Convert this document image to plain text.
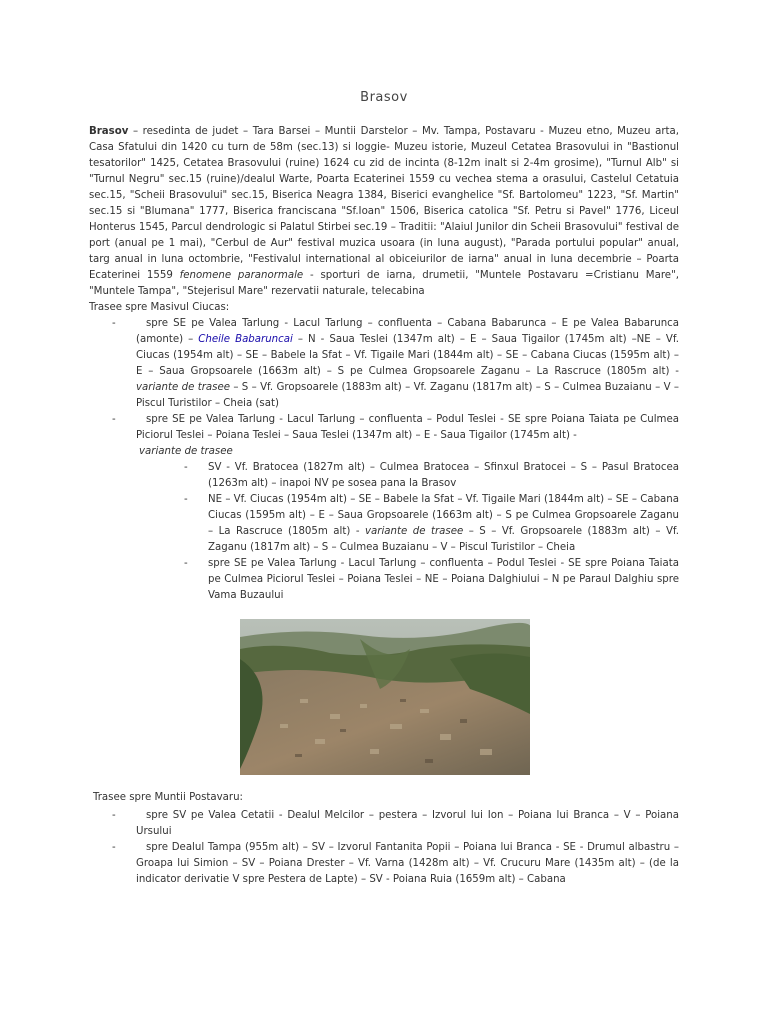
Brasov

Brasov – resedinta de judet – Tara Barsei – Muntii Darstelor – Mv. Tampa, Postavaru - Muzeu etno, Muzeu arta, Casa Sfatului din 1420 cu turn de 58m (sec.13) si loggie- Muzeu istorie, Muzeul Cetatea Brasovului in "Bastionul tesatorilor" 1425, Cetatea Brasovului (ruine) 1624 cu zid de incinta (8-12m inalt si 2-4m grosime), "Turnul Alb" si "Turnul Negru" sec.15 (ruine)/dealul Warte, Poarta Ecaterinei 1559 cu vechea stema a orasului, Castelul Cetatuia sec.15, "Scheii Brasovului" sec.15, Biserica Neagra 1384, Biserici evanghelice "Sf. Bartolomeu" 1223, "Sf. Martin" sec.15 si "Blumana" 1777, Biserica franciscana "Sf.Ioan" 1506, Biserica catolica "Sf. Petru si Pavel" 1776, Liceul Honterus 1545, Parcul dendrologic si Palatul Stirbei sec.19 – Traditii: "Alaiul Junilor din Scheii Brasovului" festival de port (anual pe 1 mai), "Cerbul de Aur" festival muzica usoara (in luna august), "Parada portului popular" anual, targ anual in luna octombrie, "Festivalul international al obiceiurilor de iarna" anual in luna decembrie – Poarta Ecaterinei 1559 fenomene paranormale - sporturi de iarna, drumetii, "Muntele Postavaru =Cristianu Mare", "Muntele Tampa", "Stejerisul Mare" rezervatii naturale, telecabina

Trasee spre Masivul Ciucas:

- spre SE pe Valea Tarlung - Lacul Tarlung – confluenta – Cabana Babarunca – E pe Valea Babarunca (amonte) – Cheile Babaruncai – N - Saua Teslei (1347m alt) – E – Saua Tigailor (1745m alt) –NE – Vf. Ciucas (1954m alt) – SE – Babele la Sfat – Vf. Tigaile Mari (1844m alt) – SE – Cabana Ciucas (1595m alt) – E – Saua Gropsoarele (1663m alt) – S pe Culmea Gropsoarele Zaganu – La Rascruce (1805m alt) - variante de trasee – S – Vf. Gropsoarele (1883m alt) – Vf. Zaganu (1817m alt) – S – Culmea Buzaianu – V – Piscul Turistilor – Cheia (sat)
- spre SE pe Valea Tarlung - Lacul Tarlung – confluenta – Podul Teslei - SE spre Poiana Taiata pe Culmea Piciorul Teslei – Poiana Teslei – Saua Teslei (1347m alt) – E - Saua Tigailor (1745m alt) -
variante de trasee
- SV - Vf. Bratocea (1827m alt) – Culmea Bratocea – Sfinxul Bratocei – S – Pasul Bratocea (1263m alt) – inapoi NV pe sosea pana la Brasov
- NE – Vf. Ciucas (1954m alt) – SE – Babele la Sfat – Vf. Tigaile Mari (1844m alt) – SE – Cabana Ciucas (1595m alt) – E – Saua Gropsoarele (1663m alt) – S pe Culmea Gropsoarele Zaganu – La Rascruce (1805m alt) - variante de trasee – S – Vf. Gropsoarele (1883m alt) – Vf. Zaganu (1817m alt) – S – Culmea Buzaianu – V – Piscul Turistilor – Cheia
- spre SE pe Valea Tarlung - Lacul Tarlung – confluenta – Podul Teslei - SE spre Poiana Taiata pe Culmea Piciorul Teslei – Poiana Teslei – NE – Poiana Dalghiului – N pe Paraul Dalghiu spre Vama Buzaului
Trasee spre Muntii Postavaru:
- spre SV pe Valea Cetatii - Dealul Melcilor – pestera – Izvorul lui Ion – Poiana lui Branca – V – Poiana Ursului
- spre Dealul Tampa (955m alt) – SV – Izvorul Fantanita Popii – Poiana lui Branca - SE - Drumul albastru – Groapa lui Simion – SV – Poiana Drester – Vf. Varna (1428m alt) – Vf. Crucuru Mare (1435m alt) – (de la indicator derivatie V spre Pestera de Lapte) – SV - Poiana Ruia (1659m alt) – Cabana
